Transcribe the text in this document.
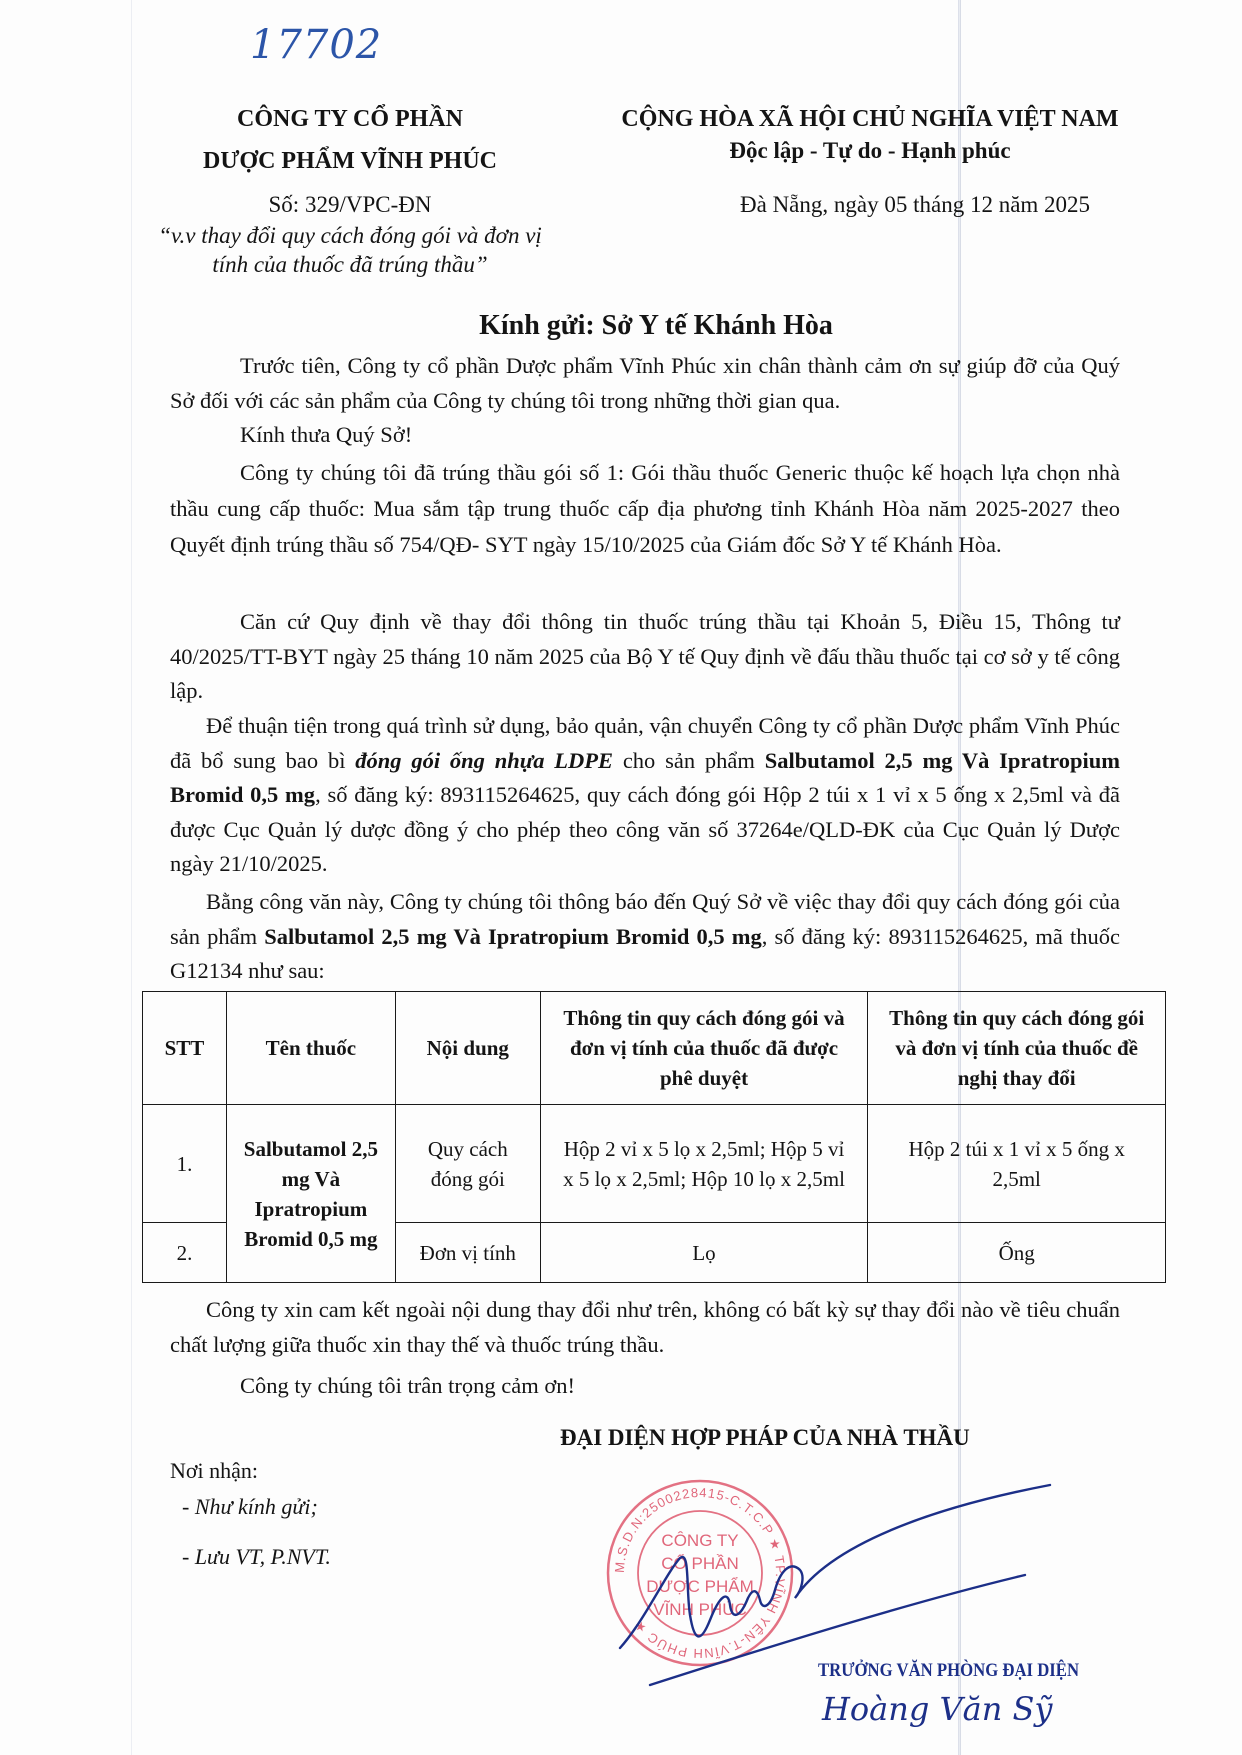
17702
CÔNG TY CỔ PHẦN
DƯỢC PHẨM VĨNH PHÚC
Số: 329/VPC-ĐN
“v.v thay đổi quy cách đóng gói và đơn vị
tính của thuốc đã trúng thầu”
CỘNG HÒA XÃ HỘI CHỦ NGHĨA VIỆT NAM
Độc lập - Tự do - Hạnh phúc
Đà Nẵng, ngày 05 tháng 12 năm 2025
Kính gửi: Sở Y tế Khánh Hòa
Trước tiên, Công ty cổ phần Dược phẩm Vĩnh Phúc xin chân thành cảm ơn sự giúp đỡ của Quý Sở đối với các sản phẩm của Công ty chúng tôi trong những thời gian qua.
Kính thưa Quý Sở!
Công ty chúng tôi đã trúng thầu gói số 1: Gói thầu thuốc Generic thuộc kế hoạch lựa chọn nhà thầu cung cấp thuốc: Mua sắm tập trung thuốc cấp địa phương tỉnh Khánh Hòa năm 2025-2027 theo Quyết định trúng thầu số 754/QĐ- SYT ngày 15/10/2025 của Giám đốc Sở Y tế Khánh Hòa.
Căn cứ Quy định về thay đổi thông tin thuốc trúng thầu tại Khoản 5, Điều 15, Thông tư 40/2025/TT-BYT ngày 25 tháng 10 năm 2025 của Bộ Y tế Quy định về đấu thầu thuốc tại cơ sở y tế công lập.
Để thuận tiện trong quá trình sử dụng, bảo quản, vận chuyển Công ty cổ phần Dược phẩm Vĩnh Phúc đã bổ sung bao bì đóng gói ống nhựa LDPE cho sản phẩm Salbutamol 2,5 mg Và Ipratropium Bromid 0,5 mg, số đăng ký: 893115264625, quy cách đóng gói Hộp 2 túi x 1 vỉ x 5 ống x 2,5ml và đã được Cục Quản lý dược đồng ý cho phép theo công văn số 37264e/QLD-ĐK của Cục Quản lý Dược ngày 21/10/2025.
Bằng công văn này, Công ty chúng tôi thông báo đến Quý Sở về việc thay đổi quy cách đóng gói của sản phẩm Salbutamol 2,5 mg Và Ipratropium Bromid 0,5 mg, số đăng ký: 893115264625, mã thuốc G12134 như sau:
STT	Tên thuốc	Nội dung	Thông tin quy cách đóng gói và đơn vị tính của thuốc đã được phê duyệt	Thông tin quy cách đóng gói và đơn vị tính của thuốc đề nghị thay đổi
1.	Salbutamol 2,5 mg Và Ipratropium Bromid 0,5 mg	Quy cách đóng gói	Hộp 2 vỉ x 5 lọ x 2,5ml; Hộp 5 vỉ x 5 lọ x 2,5ml; Hộp 10 lọ x 2,5ml	Hộp 2 túi x 1 vỉ x 5 ống x 2,5ml
2.		Đơn vị tính	Lọ	Ống
Công ty xin cam kết ngoài nội dung thay đổi như trên, không có bất kỳ sự thay đổi nào về tiêu chuẩn chất lượng giữa thuốc xin thay thế và thuốc trúng thầu.
Công ty chúng tôi trân trọng cảm ơn!
ĐẠI DIỆN HỢP PHÁP CỦA NHÀ THẦU
Nơi nhận:
- Như kính gửi;
- Lưu VT, P.NVT.	M.S.D.N:2500228415-C.T.C.P ★ TP.VĨNH YÊN-T.VĨNH PHÚC ★
CÔNG TY
CỔ PHẦN
DƯỢC PHẨM
VĨNH PHÚC
TRƯỞNG VĂN PHÒNG ĐẠI DIỆN
Hoàng Văn Sỹ
